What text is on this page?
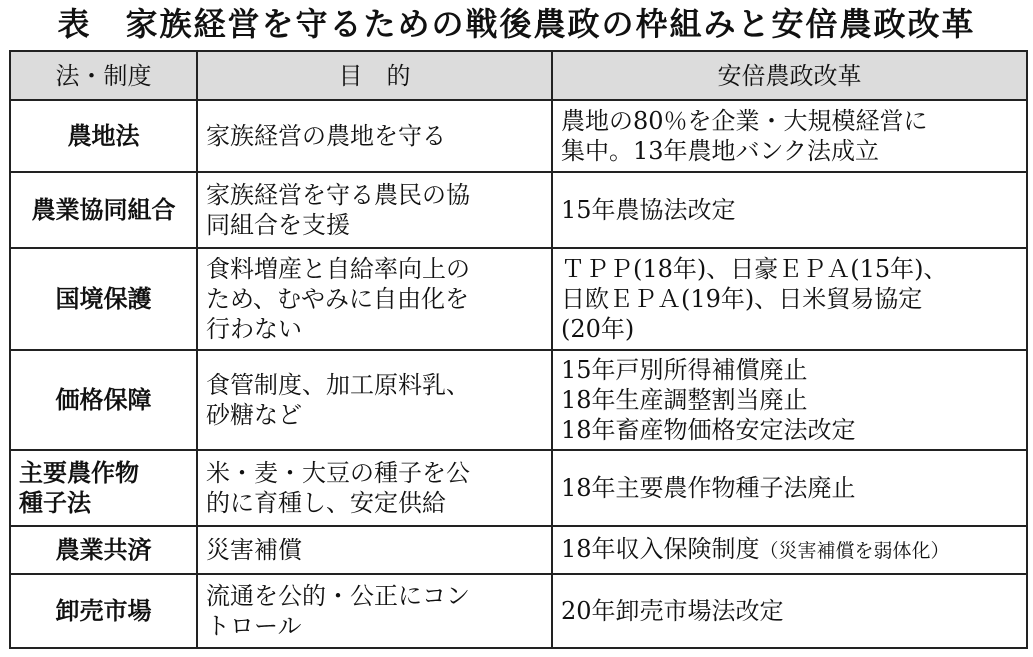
表　家族経営を守るための戦後農政の枠組みと安倍農政改革
法・制度	目　的	安倍農政改革

農地法	家族経営の農地を守る	農地の80％を企業・大規模経営に
集中。13年農地バンク法成立

農業協同組合	家族経営を守る農民の協
同組合を支援	15年農協法改定

国境保護	食料増産と自給率向上の
ため、むやみに自由化を
行わない	ＴＰＰ(18年)、日豪ＥＰＡ(15年)、
日欧ＥＰＡ(19年)、日米貿易協定
(20年)

価格保障	食管制度、加工原料乳、
砂糖など	15年戸別所得補償廃止
18年生産調整割当廃止
18年畜産物価格安定法改定

主要農作物
種子法	米・麦・大豆の種子を公
的に育種し、安定供給	18年主要農作物種子法廃止

農業共済	災害補償	18年収入保険制度（災害補償を弱体化）

卸売市場	流通を公的・公正にコン
トロール	20年卸売市場法改定
